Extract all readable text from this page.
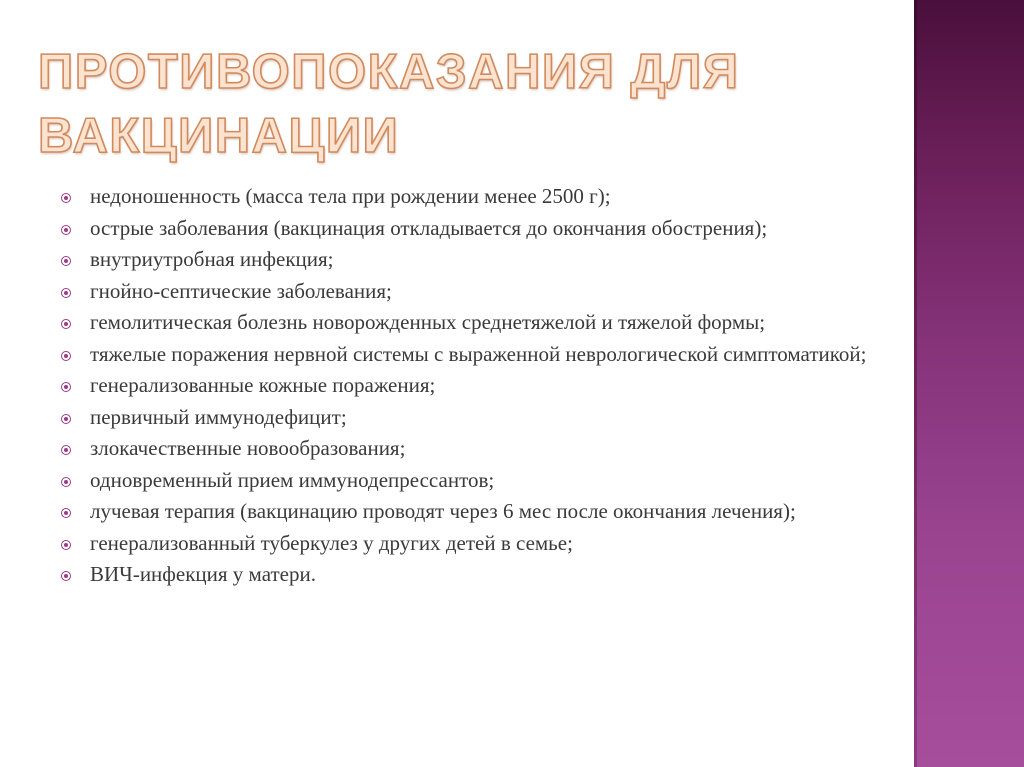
ПРОТИВОПОКАЗАНИЯ ДЛЯ ВАКЦИНАЦИИ
недоношенность (масса тела при рождении менее 2500 г);
острые заболевания (вакцинация откладывается до окончания обострения);
внутриутробная инфекция;
гнойно-септические заболевания;
гемолитическая болезнь новорожденных среднетяжелой и тяжелой формы;
тяжелые поражения нервной системы с выраженной неврологической симптоматикой;
генерализованные кожные поражения;
первичный иммунодефицит;
злокачественные новообразования;
одновременный прием иммунодепрессантов;
лучевая терапия (вакцинацию проводят через 6 мес после окончания лечения);
генерализованный туберкулез у других детей в семье;
ВИЧ-инфекция у матери.
